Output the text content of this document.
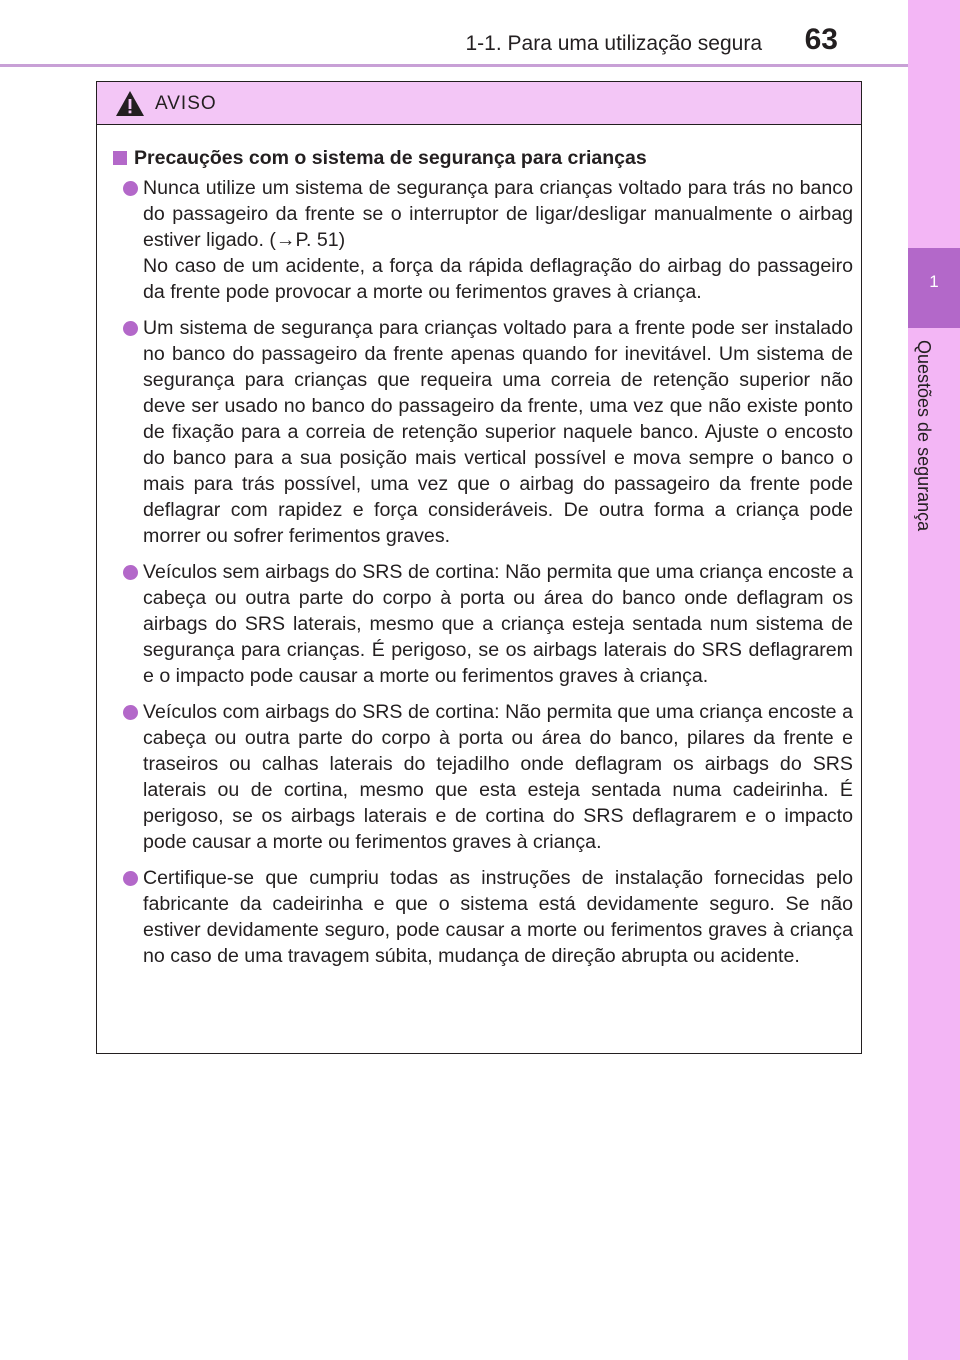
1-1. Para uma utilização segura 63
1
Questões de segurança
AVISO
Precauções com o sistema de segurança para crianças

Nunca utilize um sistema de segurança para crianças voltado para trás no banco do passageiro da frente se o interruptor de ligar/desligar manualmente o airbag estiver ligado. (→P. 51)

No caso de um acidente, a força da rápida deflagração do airbag do passageiro da frente pode provocar a morte ou ferimentos graves à criança.

Um sistema de segurança para crianças voltado para a frente pode ser instalado no banco do passageiro da frente apenas quando for inevitável. Um sistema de segurança para crianças que requeira uma correia de retenção superior não deve ser usado no banco do passageiro da frente, uma vez que não existe ponto de fixação para a correia de retenção superior naquele banco. Ajuste o encosto do banco para a sua posição mais vertical possível e mova sempre o banco o mais para trás possível, uma vez que o airbag do passageiro da frente pode deflagrar com rapidez e força consideráveis. De outra forma a criança pode morrer ou sofrer ferimentos graves.

Veículos sem airbags do SRS de cortina: Não permita que uma criança encoste a cabeça ou outra parte do corpo à porta ou área do banco onde deflagram os airbags do SRS laterais, mesmo que a criança esteja sentada num sistema de segurança para crianças. É perigoso, se os airbags laterais do SRS deflagrarem e o impacto pode causar a morte ou ferimentos graves à criança.

Veículos com airbags do SRS de cortina: Não permita que uma criança encoste a cabeça ou outra parte do corpo à porta ou área do banco, pilares da frente e traseiros ou calhas laterais do tejadilho onde deflagram os airbags do SRS laterais ou de cortina, mesmo que esta esteja sentada numa cadeirinha. É perigoso, se os airbags laterais e de cortina do SRS deflagrarem e o impacto pode causar a morte ou ferimentos graves à criança.

Certifique-se que cumpriu todas as instruções de instalação fornecidas pelo fabricante da cadeirinha e que o sistema está devidamente seguro. Se não estiver devidamente seguro, pode causar a morte ou ferimentos graves à criança no caso de uma travagem súbita, mudança de direção abrupta ou acidente.
